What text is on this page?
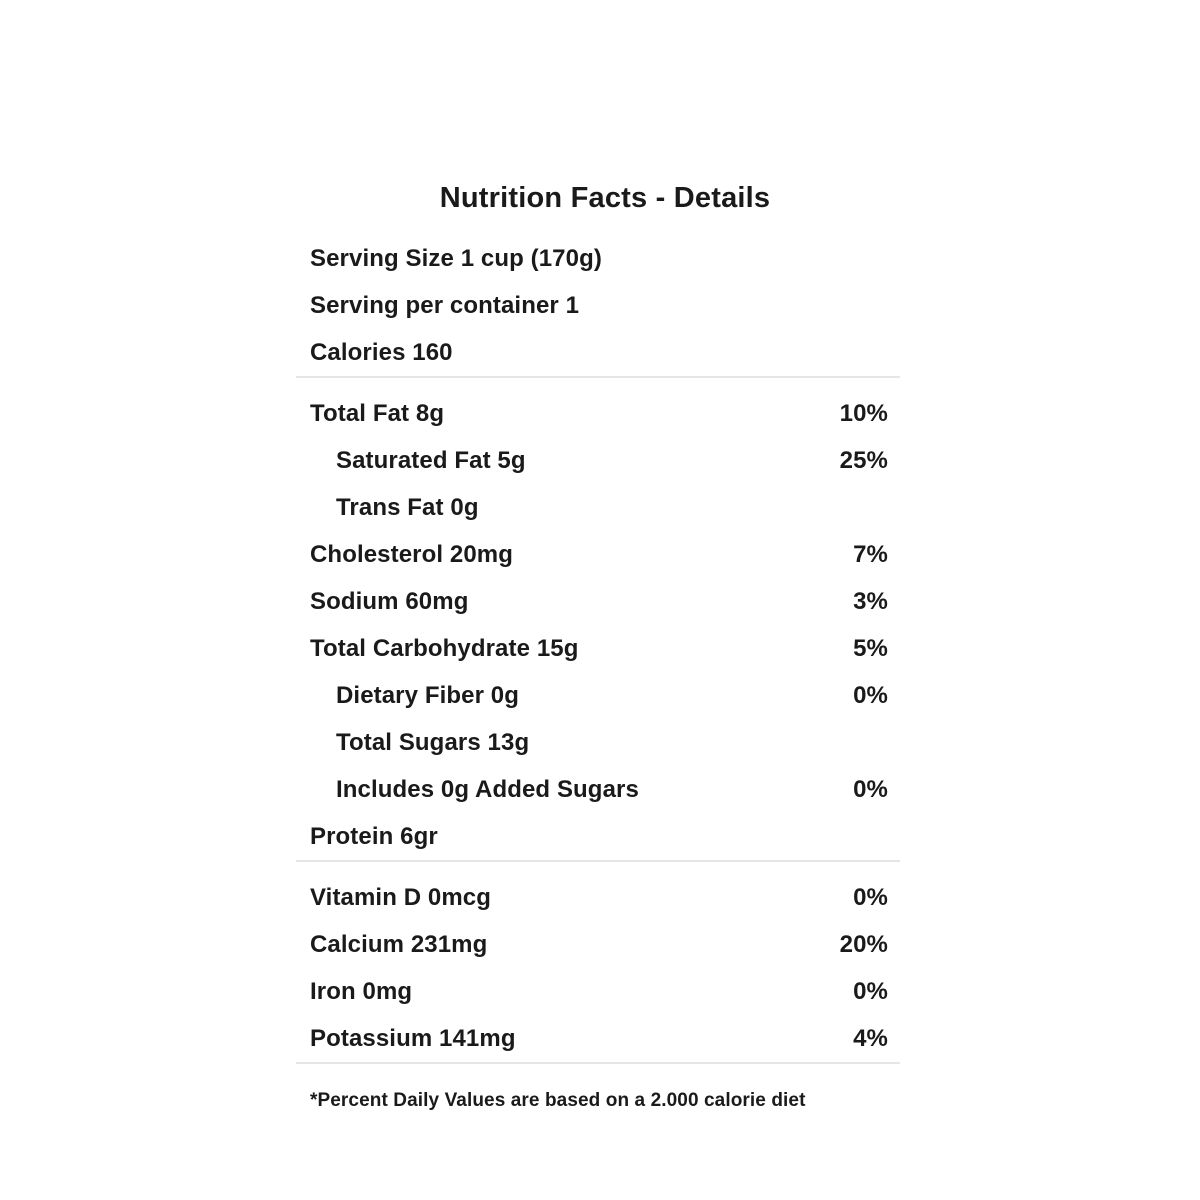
Nutrition Facts - Details
Serving Size 1 cup (170g)
Serving per container 1
Calories 160
Total Fat 8g	10%
Saturated Fat 5g	25%
Trans Fat 0g
Cholesterol 20mg	7%
Sodium 60mg	3%
Total Carbohydrate 15g	5%
Dietary Fiber 0g	0%
Total Sugars 13g
Includes 0g Added Sugars	0%
Protein 6gr
Vitamin D 0mcg	0%
Calcium 231mg	20%
Iron 0mg	0%
Potassium 141mg	4%
*Percent Daily Values are based on a 2.000 calorie diet
